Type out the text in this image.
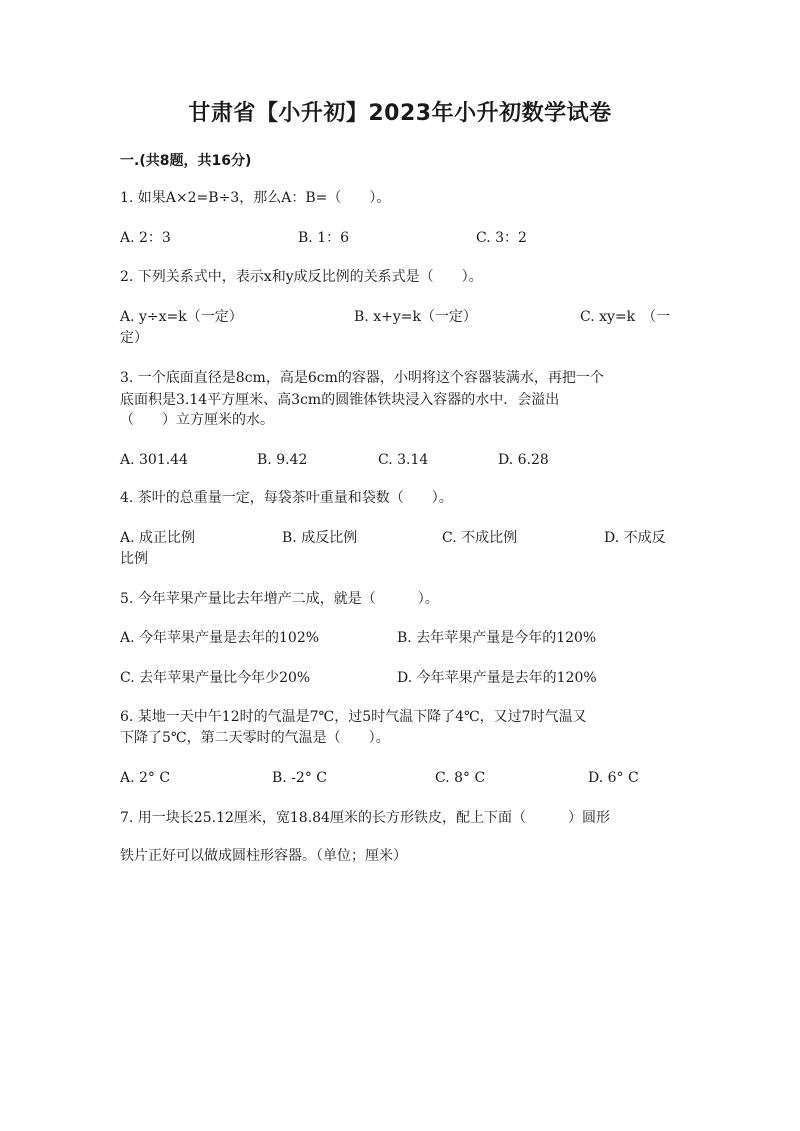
甘肃省【小升初】2023年小升初数学试卷
一.(共8题，共16分)
1. 如果A×2=B÷3，那么A：B=（　　）。
A. 2：3	B. 1：6	C. 3：2
2. 下列关系式中，表示x和y成反比例的关系式是（　　）。
A. y÷x=k（一定）	B. x+y=k（一定）	C. xy=k　（一
定）
3. 一个底面直径是8cm，高是6cm的容器，小明将这个容器装满水，再把一个
底面积是3.14平方厘米、高3cm的圆锥体铁块浸入容器的水中．会溢出
（　　）立方厘米的水。
A. 301.44	B. 9.42	C. 3.14	D. 6.28
4. 茶叶的总重量一定，每袋茶叶重量和袋数（　　）。
A. 成正比例	B. 成反比例	C. 不成比例	D. 不成反
比例
5. 今年苹果产量比去年增产二成，就是（　　　）。
A. 今年苹果产量是去年的102%	B. 去年苹果产量是今年的120%
C. 去年苹果产量比今年少20%	D. 今年苹果产量是去年的120%
6. 某地一天中午12时的气温是7℃，过5时气温下降了4℃，又过7时气温又
下降了5℃，第二天零时的气温是（　　）。
A. 2° C	B. -2° C	C. 8° C	D. 6° C
7. 用一块长25.12厘米，宽18.84厘米的长方形铁皮，配上下面（　　　）圆形
铁片正好可以做成圆柱形容器。（单位；厘米）
